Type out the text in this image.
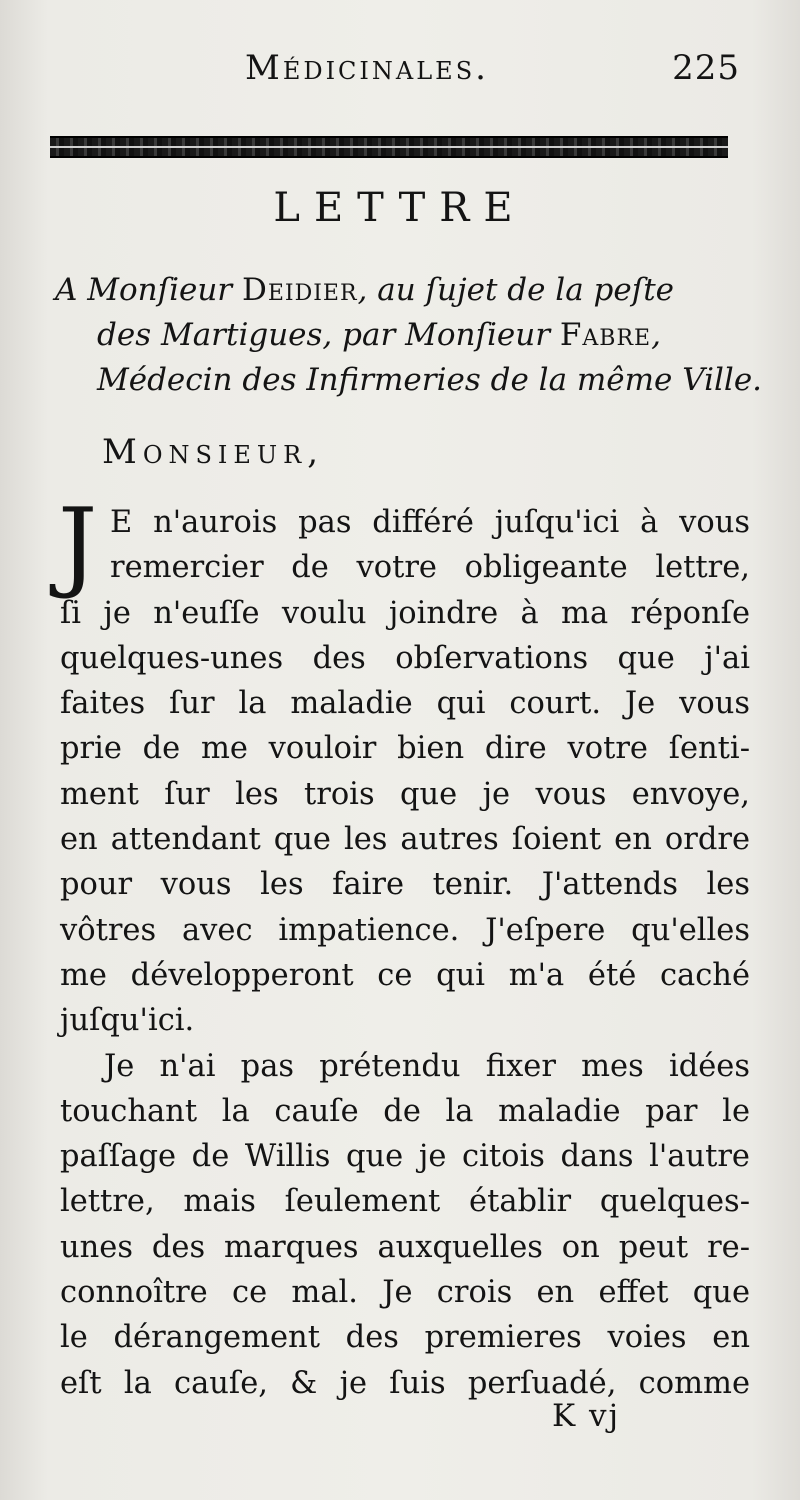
Médicinales.	225
LETTRE
A Monſieur Deidier, au ſujet de la peſte
des Martigues, par Monſieur Fabre,
Médecin des Infirmeries de la même Ville.
Monsieur,
J E n'aurois pas différé juſqu'ici à vous
remercier de votre obligeante lettre,
ſi je n'euſſe voulu joindre à ma réponſe
quelques-unes des obſervations que j'ai
faites ſur la maladie qui court. Je vous
prie de me vouloir bien dire votre ſenti-
ment ſur les trois que je vous envoye,
en attendant que les autres ſoient en ordre
pour vous les faire tenir. J'attends les
vôtres avec impatience. J'eſpere qu'elles
me développeront ce qui m'a été caché
juſqu'ici.
Je n'ai pas prétendu fixer mes idées
touchant la cauſe de la maladie par le
paſſage de Willis que je citois dans l'autre
lettre, mais ſeulement établir quelques-
unes des marques auxquelles on peut re-
connoître ce mal. Je crois en effet que
le dérangement des premieres voies en
eſt la cauſe, & je ſuis perſuadé, comme
K vj
